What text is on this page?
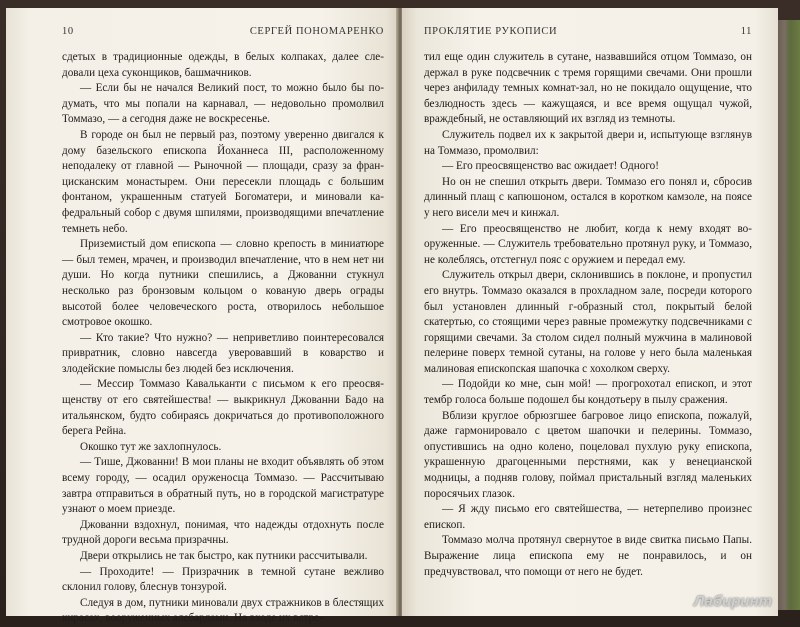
10	СЕРГЕЙ ПОНОМАРЕНКО

сдетых в традиционные одежды, в белых колпаках, далее следовали цеха суконщиков, башмачников.

— Если бы не начался Великий пост, то можно было бы подумать, что мы попали на карнавал, — недовольно промолвил Томмазо, — а сегодня даже не воскресенье.

В городе он был не первый раз, поэтому уверенно двигался к дому базельского епископа Йоханнеса III, расположенному неподалеку от главной — Рыночной — площади, сразу за францисканским монастырем. Они пересекли площадь с большим фонтаном, украшенным статуей Богоматери, и миновали кафедральный собор с двумя шпилями, производящими впечатление темнеть небо.

Приземистый дом епископа — словно крепость в миниатюре — был темен, мрачен, и производил впечатление, что в нем нет ни души. Но когда путники спешились, а Джованни стукнул несколько раз бронзовым кольцом о кованую дверь ограды высотой более человеческого роста, отворилось небольшое смотровое окошко.

— Кто такие? Что нужно? — неприветливо поинтересовался привратник, словно навсегда уверовавший в коварство и злодейские помыслы без людей без исключения.

— Мессир Томмазо Кавальканти с письмом к его преосвященству от его святейшества! — выкрикнул Джованни Бадо на итальянском, будто собираясь докричаться до противоположного берега Рейна.

Окошко тут же захлопнулось.

— Тише, Джованни! В мои планы не входит объявлять об этом всему городу, — осадил оруженосца Томмазо. — Рассчитываю завтра отправиться в обратный путь, но в городской магистратуре узнают о моем приезде.

Джованни вздохнул, понимая, что надежды отдохнуть после трудной дороги весьма призрачны.

Двери открылись не так быстро, как путники рассчитывали.

— Проходите! — Призрачник в темной сутане вежливо склонил голову, блеснув тонзурой.

Следуя в дом, путники миновали двух стражников в блестящих кирасах, вооруженных алебардами. На входе их встре-

ПРОКЛЯТИЕ РУКОПИСИ	11

тил еще один служитель в сутане, назвавшийся отцом Томмазо, он держал в руке подсвечник с тремя горящими свечами. Они прошли через анфиладу темных комнат-зал, но не покидало ощущение, что безлюдность здесь — кажущаяся, и все время ощущал чужой, враждебный, не оставляющий их взгляд из темноты.

Служитель подвел их к закрытой двери и, испытующе взглянув на Томмазо, промолвил:

— Его преосвященство вас ожидает! Одного!

Но он не спешил открыть двери. Томмазо его понял и, сбросив длинный плащ с капюшоном, остался в коротком камзоле, на поясе у него висели меч и кинжал.

— Его преосвященство не любит, когда к нему входят вооруженные. — Служитель требовательно протянул руку, и Томмазо, не колеблясь, отстегнул пояс с оружием и передал ему.

Служитель открыл двери, склонившись в поклоне, и пропустил его внутрь. Томмазо оказался в прохладном зале, посреди которого был установлен длинный г-образный стол, покрытый белой скатертью, со стоящими через равные промежутку подсвечниками с горящими свечами. За столом сидел полный мужчина в малиновой пелерине поверх темной сутаны, на голове у него была маленькая малиновая епископская шапочка с хохолком сверху.

— Подойди ко мне, сын мой! — прогрохотал епископ, и этот тембр голоса больше подошел бы кондотьеру в пылу сражения.

Вблизи круглое обрюзгшее багровое лицо епископа, пожалуй, даже гармонировало с цветом шапочки и пелерины. Томмазо, опустившись на одно колено, поцеловал пухлую руку епископа, украшенную драгоценными перстнями, как у венецианской модницы, а подняв голову, поймал пристальный взгляд маленьких поросячьих глазок.

— Я жду письмо его святейшества, — нетерпеливо произнес епископ.

Томмазо молча протянул свернутое в виде свитка письмо Папы. Выражение лица епископа ему не понравилось, и он предчувствовал, что помощи от него не будет.

Лабиринт
